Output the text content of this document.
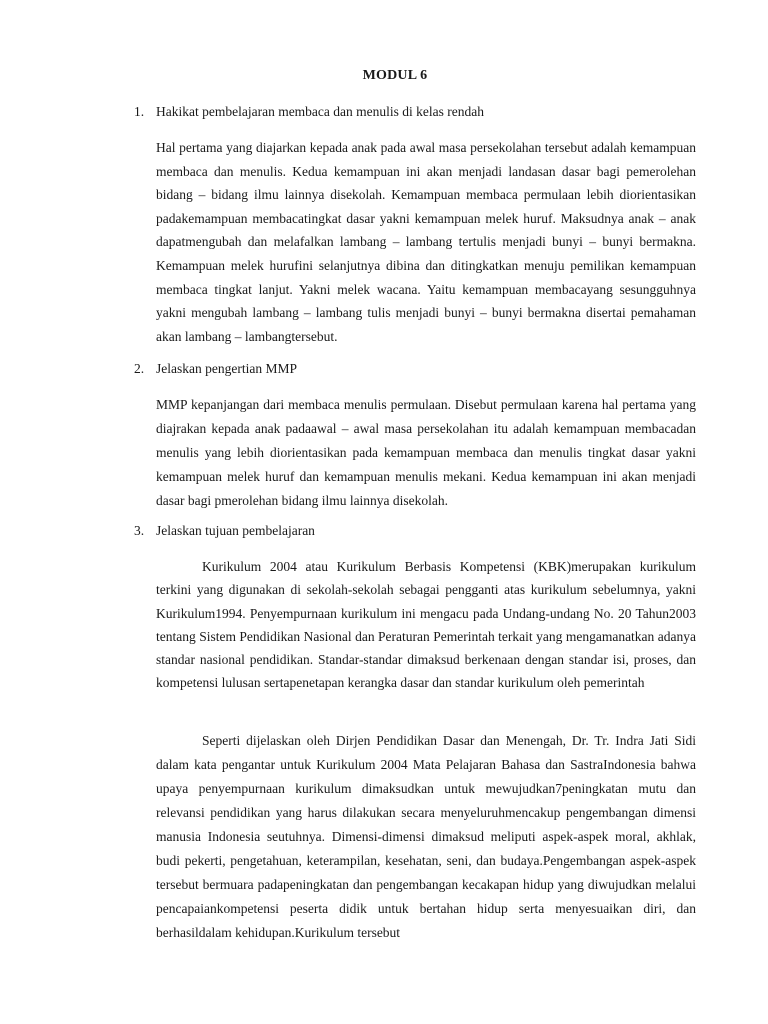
MODUL 6
1. Hakikat pembelajaran membaca dan menulis di kelas rendah

Hal pertama yang diajarkan kepada anak pada awal masa persekolahan tersebut adalah kemampuan membaca dan menulis. Kedua kemampuan ini akan menjadi landasan dasar bagi pemerolehan bidang – bidang ilmu lainnya disekolah. Kemampuan membaca permulaan lebih diorientasikan padakemampuan membacatingkat dasar yakni kemampuan melek huruf. Maksudnya anak – anak dapatmengubah dan melafalkan lambang – lambang tertulis menjadi bunyi – bunyi bermakna. Kemampuan melek hurufini selanjutnya dibina dan ditingkatkan menuju pemilikan kemampuan membaca tingkat lanjut. Yakni melek wacana. Yaitu kemampuan membacayang sesungguhnya yakni mengubah lambang – lambang tulis menjadi bunyi – bunyi bermakna disertai pemahaman akan lambang – lambangtersebut.

2. Jelaskan pengertian MMP

MMP kepanjangan dari membaca menulis permulaan. Disebut permulaan karena hal pertama yang diajrakan kepada anak padaawal – awal masa persekolahan itu adalah kemampuan membacadan menulis yang lebih diorientasikan pada kemampuan membaca dan menulis tingkat dasar yakni kemampuan melek huruf dan kemampuan menulis mekani. Kedua kemampuan ini akan menjadi dasar bagi pmerolehan bidang ilmu lainnya disekolah.

3. Jelaskan tujuan pembelajaran

Kurikulum 2004 atau Kurikulum Berbasis Kompetensi (KBK)merupakan kurikulum terkini yang digunakan di sekolah-sekolah sebagai pengganti atas kurikulum sebelumnya, yakni Kurikulum1994. Penyempurnaan kurikulum ini mengacu pada Undang-undang No. 20 Tahun2003 tentang Sistem Pendidikan Nasional dan Peraturan Pemerintah terkait yang mengamanatkan adanya standar nasional pendidikan. Standar-standar dimaksud berkenaan dengan standar isi, proses, dan kompetensi lulusan sertapenetapan kerangka dasar dan standar kurikulum oleh pemerintah

Seperti dijelaskan oleh Dirjen Pendidikan Dasar dan Menengah, Dr. Tr. Indra Jati Sidi dalam kata pengantar untuk Kurikulum 2004 Mata Pelajaran Bahasa dan SastraIndonesia bahwa upaya penyempurnaan kurikulum dimaksudkan untuk mewujudkan7peningkatan mutu dan relevansi pendidikan yang harus dilakukan secara menyeluruhmencakup pengembangan dimensi manusia Indonesia seutuhnya. Dimensi-dimensi dimaksud meliputi aspek-aspek moral, akhlak, budi pekerti, pengetahuan, keterampilan, kesehatan, seni, dan budaya.Pengembangan aspek-aspek tersebut bermuara padapeningkatan dan pengembangan kecakapan hidup yang diwujudkan melalui pencapaiankompetensi peserta didik untuk bertahan hidup serta menyesuaikan diri, dan berhasildalam kehidupan.Kurikulum tersebut
